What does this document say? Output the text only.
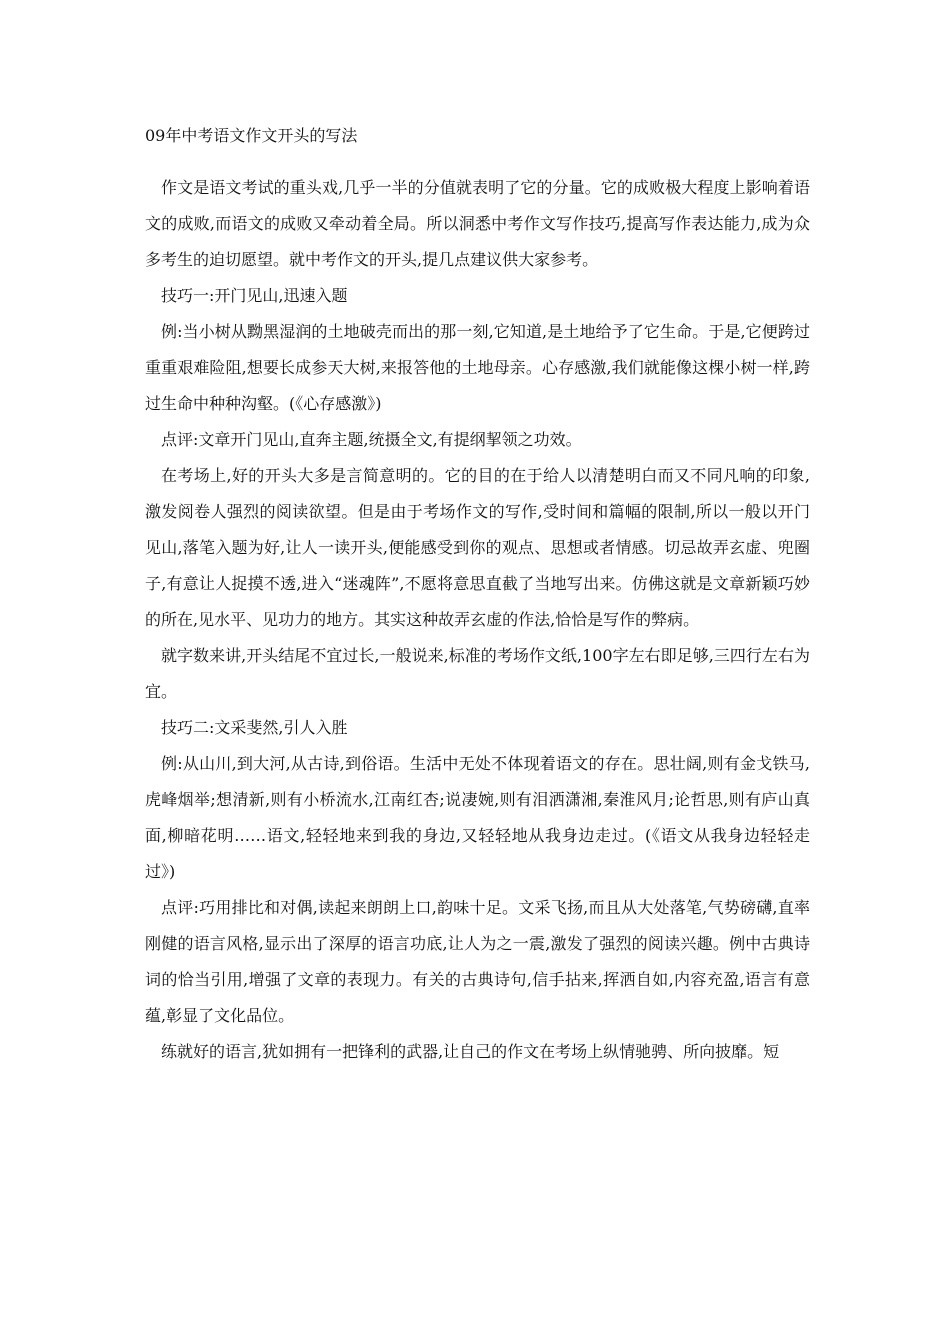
09年中考语文作文开头的写法

作文是语文考试的重头戏,几乎一半的分值就表明了它的分量。它的成败极大程度上影响着语文的成败,而语文的成败又牵动着全局。所以洞悉中考作文写作技巧,提高写作表达能力,成为众多考生的迫切愿望。就中考作文的开头,提几点建议供大家参考。

技巧一:开门见山,迅速入题

例:当小树从黝黑湿润的土地破壳而出的那一刻,它知道,是土地给予了它生命。于是,它便跨过重重艰难险阻,想要长成参天大树,来报答他的土地母亲。心存感激,我们就能像这棵小树一样,跨过生命中种种沟壑。(《心存感激》)

点评:文章开门见山,直奔主题,统摄全文,有提纲挈领之功效。

在考场上,好的开头大多是言简意明的。它的目的在于给人以清楚明白而又不同凡响的印象,激发阅卷人强烈的阅读欲望。但是由于考场作文的写作,受时间和篇幅的限制,所以一般以开门见山,落笔入题为好,让人一读开头,便能感受到你的观点、思想或者情感。切忌故弄玄虚、兜圈子,有意让人捉摸不透,进入“迷魂阵”,不愿将意思直截了当地写出来。仿佛这就是文章新颖巧妙的所在,见水平、见功力的地方。其实这种故弄玄虚的作法,恰恰是写作的弊病。

就字数来讲,开头结尾不宜过长,一般说来,标准的考场作文纸,100字左右即足够,三四行左右为宜。

技巧二:文采斐然,引人入胜

例:从山川,到大河,从古诗,到俗语。生活中无处不体现着语文的存在。思壮阔,则有金戈铁马,虎峰烟举;想清新,则有小桥流水,江南红杏;说凄婉,则有泪洒潇湘,秦淮风月;论哲思,则有庐山真面,柳暗花明……语文,轻轻地来到我的身边,又轻轻地从我身边走过。(《语文从我身边轻轻走过》)

点评:巧用排比和对偶,读起来朗朗上口,韵味十足。文采飞扬,而且从大处落笔,气势磅礴,直率刚健的语言风格,显示出了深厚的语言功底,让人为之一震,激发了强烈的阅读兴趣。例中古典诗词的恰当引用,增强了文章的表现力。有关的古典诗句,信手拈来,挥洒自如,内容充盈,语言有意蕴,彰显了文化品位。

练就好的语言,犹如拥有一把锋利的武器,让自己的作文在考场上纵情驰骋、所向披靡。短
